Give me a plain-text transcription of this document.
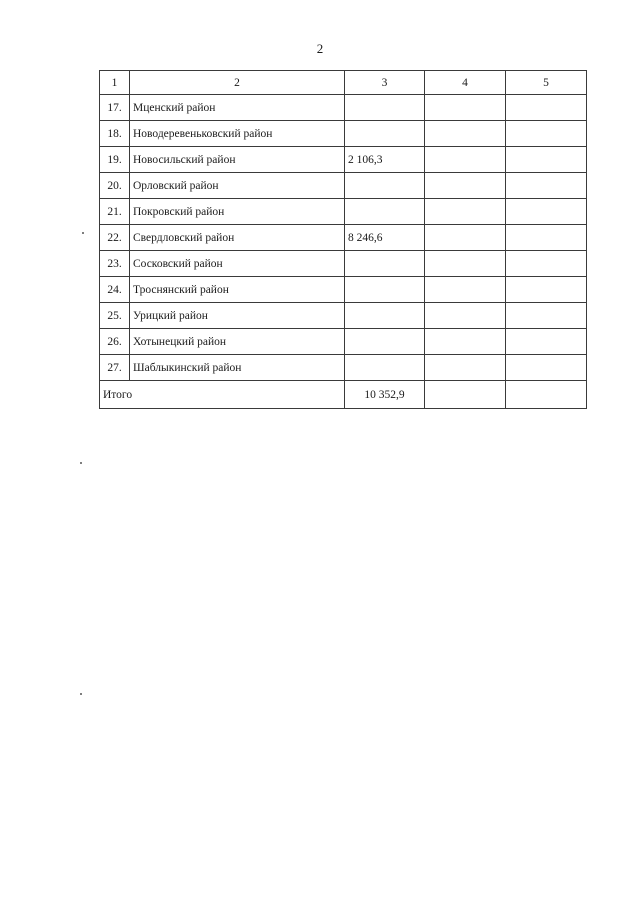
2
1	2	3	4	5
17.	Мценский район			
18.	Новодеревеньковский район			
19.	Новосильский район	2 106,3		
20.	Орловский район			
21.	Покровский район			
22.	Свердловский район	8 246,6		
23.	Сосковский район			
24.	Троснянский район			
25.	Урицкий район			
26.	Хотынецкий район			
27.	Шаблыкинский район			
Итого		10 352,9		
